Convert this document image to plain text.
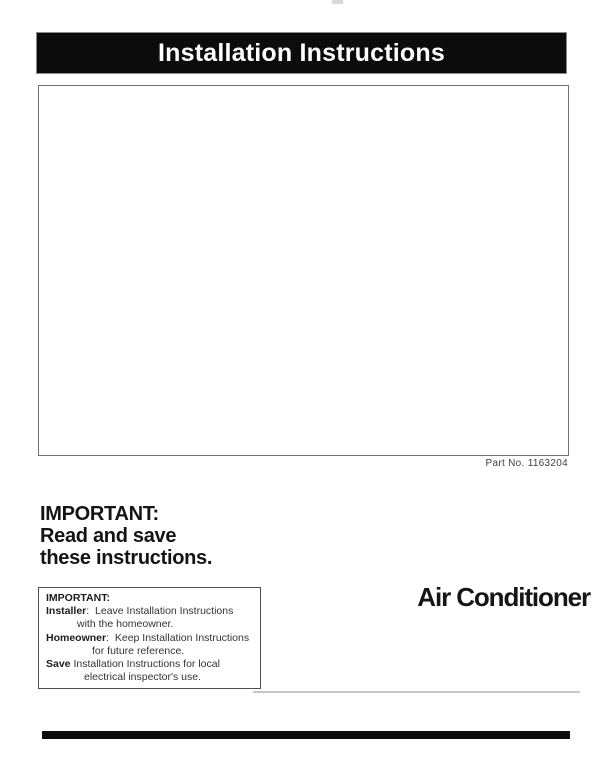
Installation Instructions
Part No. 1163204
IMPORTANT:
Read and save
these instructions.
IMPORTANT:
Installer:  Leave Installation Instructions
with the homeowner.
Homeowner:  Keep Installation Instructions
for future reference.
Save Installation Instructions for local
electrical inspector's use.
Air Conditioner
